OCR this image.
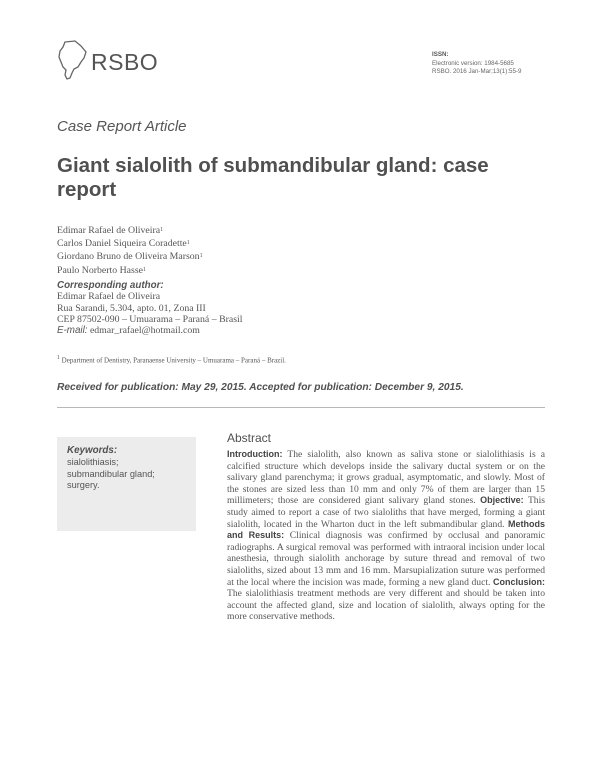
RSBO	ISSN:
Electronic version: 1984-5685
RSBO. 2016 Jan-Mar;13(1):55-9
Case Report Article
Giant sialolith of submandibular gland: case report
Edimar Rafael de Oliveira$^1$
Carlos Daniel Siqueira Coradette$^1$
Giordano Bruno de Oliveira Marson$^1$
Paulo Norberto Hasse$^1$
Corresponding author:
Edimar Rafael de Oliveira
Rua Sarandi, 5.304, apto. 01, Zona III
CEP 87502-090 – Umuarama – Paraná – Brasil
E-mail: edmar_rafael@hotmail.com
$^1$ Department of Dentistry, Paranaense University – Umuarama – Paraná – Brazil.
Received for publication: May 29, 2015. Accepted for publication: December 9, 2015.
Keywords:
sialolithiasis;
submandibular gland;
surgery.
Abstract

Introduction: The sialolith, also known as saliva stone or sialolithiasis is a calcified structure which develops inside the salivary ductal system or on the salivary gland parenchyma; it grows gradual, asymptomatic, and slowly. Most of the stones are sized less than 10 mm and only 7% of them are larger than 15 millimeters; those are considered giant salivary gland stones. Objective: This study aimed to report a case of two sialoliths that have merged, forming a giant sialolith, located in the Wharton duct in the left submandibular gland. Methods and Results: Clinical diagnosis was confirmed by occlusal and panoramic radiographs. A surgical removal was performed with intraoral incision under local anesthesia, through sialolith anchorage by suture thread and removal of two sialoliths, sized about 13 mm and 16 mm. Marsupialization suture was performed at the local where the incision was made, forming a new gland duct. Conclusion: The sialolithiasis treatment methods are very different and should be taken into account the affected gland, size and location of sialolith, always opting for the more conservative methods.
